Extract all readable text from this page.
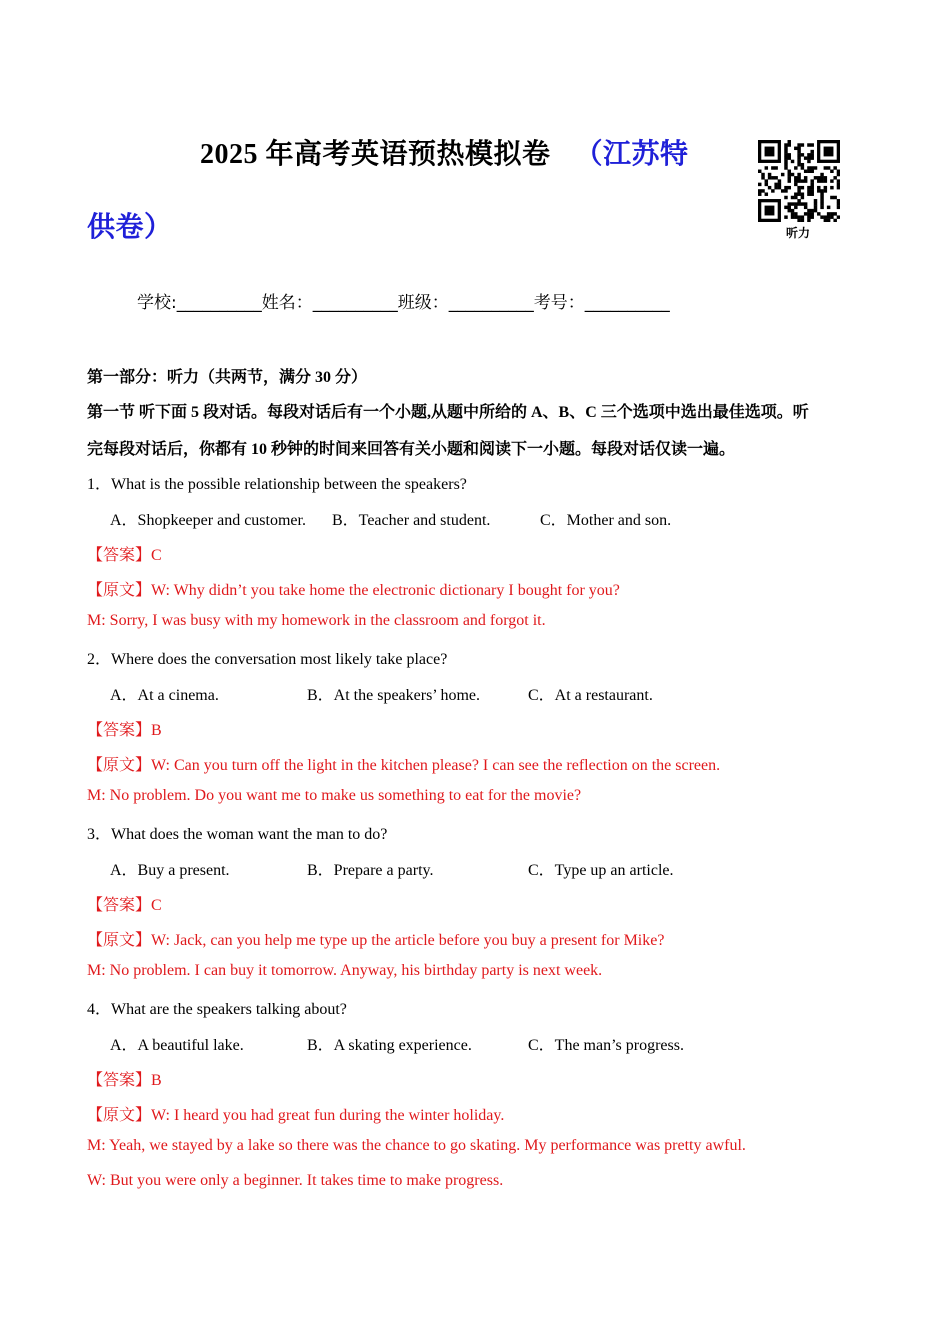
2025 年高考英语预热模拟卷 （江苏特
供卷）	听力
学校:__________姓名：__________班级：__________考号：__________
第一部分：听力（共两节，满分 30 分）
第一节 听下面 5 段对话。每段对话后有一个小题,从题中所给的 A、B、C 三个选项中选出最佳选项。听
完每段对话后，你都有 10 秒钟的时间来回答有关小题和阅读下一小题。每段对话仅读一遍。
1．What is the possible relationship between the speakers?
A．Shopkeeper and customer. B．Teacher and student.	C．Mother and son.
【答案】C
【原文】W: Why didn’t you take home the electronic dictionary I bought for you?
M: Sorry, I was busy with my homework in the classroom and forgot it.
2．Where does the conversation most likely take place?
A．At a cinema.	B．At the speakers’ home.	C．At a restaurant.
【答案】B
【原文】W: Can you turn off the light in the kitchen please? I can see the reflection on the screen.
M: No problem. Do you want me to make us something to eat for the movie?
3．What does the woman want the man to do?
A．Buy a present.	B．Prepare a party.	C．Type up an article.
【答案】C
【原文】W: Jack, can you help me type up the article before you buy a present for Mike?
M: No problem. I can buy it tomorrow. Anyway, his birthday party is next week.
4．What are the speakers talking about?
A．A beautiful lake.	B．A skating experience.	C．The man’s progress.
【答案】B
【原文】W: I heard you had great fun during the winter holiday.
M: Yeah, we stayed by a lake so there was the chance to go skating. My performance was pretty awful.
W: But you were only a beginner. It takes time to make progress.
